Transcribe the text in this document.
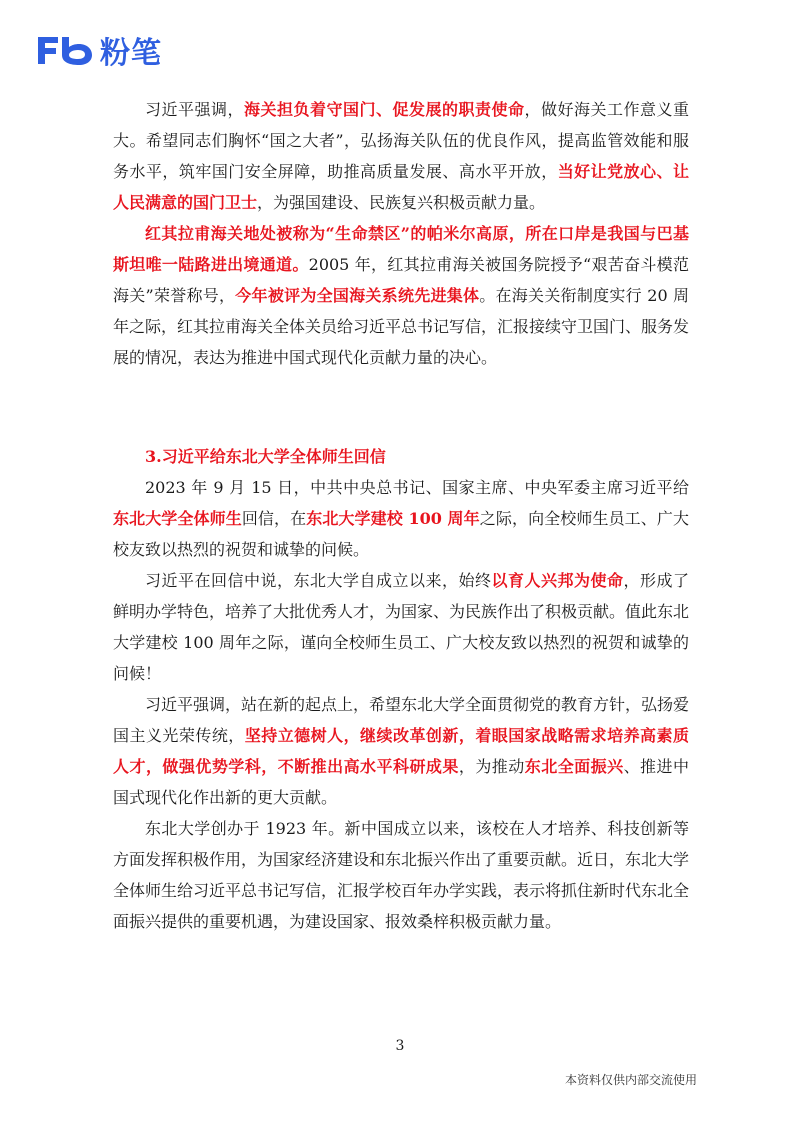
粉笔

习近平强调，海关担负着守国门、促发展的职责使命，做好海关工作意义重大。希望同志们胸怀“国之大者”，弘扬海关队伍的优良作风，提高监管效能和服务水平，筑牢国门安全屏障，助推高质量发展、高水平开放，当好让党放心、让人民满意的国门卫士，为强国建设、民族复兴积极贡献力量。

红其拉甫海关地处被称为“生命禁区”的帕米尔高原，所在口岸是我国与巴基斯坦唯一陆路进出境通道。2005 年，红其拉甫海关被国务院授予“艰苦奋斗模范海关”荣誉称号，今年被评为全国海关系统先进集体。在海关关衔制度实行 20 周年之际，红其拉甫海关全体关员给习近平总书记写信，汇报接续守卫国门、服务发展的情况，表达为推进中国式现代化贡献力量的决心。

3.习近平给东北大学全体师生回信

2023 年 9 月 15 日，中共中央总书记、国家主席、中央军委主席习近平给东北大学全体师生回信，在东北大学建校 100 周年之际，向全校师生员工、广大校友致以热烈的祝贺和诚挚的问候。

习近平在回信中说，东北大学自成立以来，始终以育人兴邦为使命，形成了鲜明办学特色，培养了大批优秀人才，为国家、为民族作出了积极贡献。值此东北大学建校 100 周年之际，谨向全校师生员工、广大校友致以热烈的祝贺和诚挚的问候！

习近平强调，站在新的起点上，希望东北大学全面贯彻党的教育方针，弘扬爱国主义光荣传统，坚持立德树人，继续改革创新，着眼国家战略需求培养高素质人才，做强优势学科，不断推出高水平科研成果，为推动东北全面振兴、推进中国式现代化作出新的更大贡献。

东北大学创办于 1923 年。新中国成立以来，该校在人才培养、科技创新等方面发挥积极作用，为国家经济建设和东北振兴作出了重要贡献。近日，东北大学全体师生给习近平总书记写信，汇报学校百年办学实践，表示将抓住新时代东北全面振兴提供的重要机遇，为建设国家、报效桑梓积极贡献力量。

3
本资料仅供内部交流使用
